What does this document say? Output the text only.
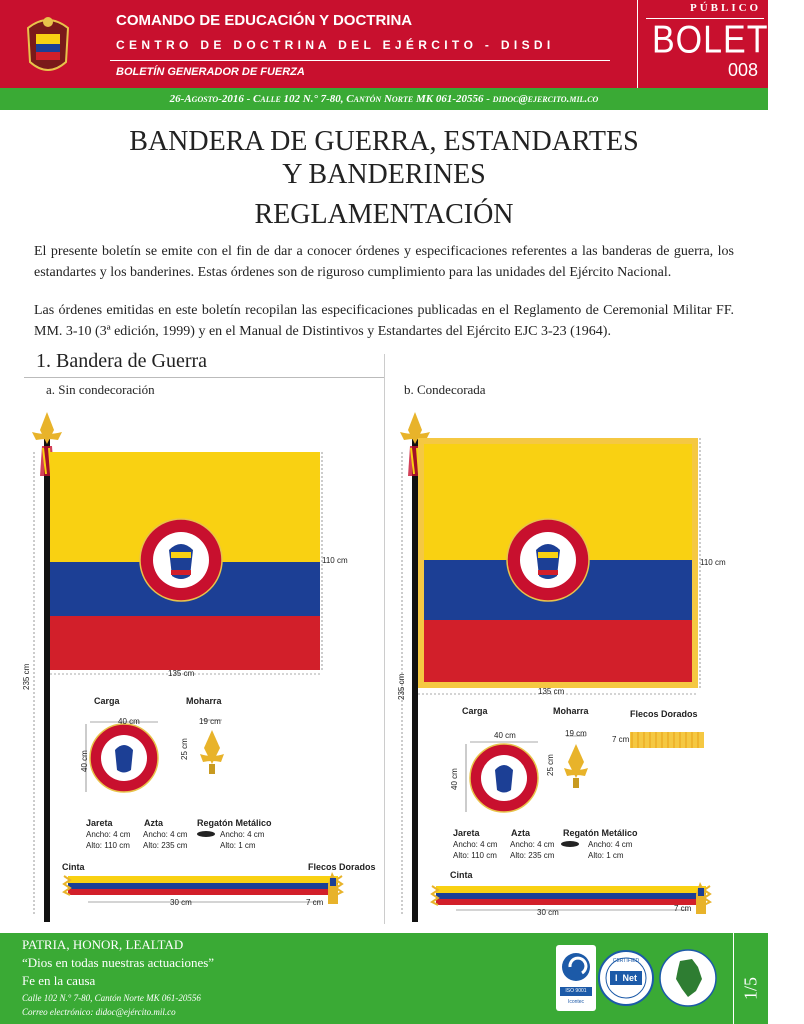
COMANDO DE EDUCACIÓN Y DOCTRINA
C E N T R O   D E   D O C T R I N A   D E L   E J É R C I T O   -   D I S D I
BOLETÍN GENERADOR DE FUERZA
PÚBLICO
BOLETÍN
008
26-Agosto-2016 - Calle 102 N.° 7-80, Cantón Norte MK 061-20556 - didoc@ejercito.mil.co
BANDERA DE GUERRA, ESTANDARTES
Y BANDERINES
REGLAMENTACIÓN
El presente boletín se emite con el fin de dar a conocer órdenes y especificaciones referentes a las banderas de guerra, los estandartes y los banderines. Estas órdenes son de riguroso cumplimiento para las unidades del Ejército Nacional.
Las órdenes emitidas en este boletín recopilan las especificaciones publicadas en el Reglamento de Ceremonial Militar FF. MM. 3-10 (3ª edición, 1999) y en el Manual de Distintivos y Estandartes del Ejército EJC 3-23 (1964).
1. Bandera de Guerra
a. Sin condecoración	b. Condecorada
110 cm
135 cm
235 cm
Carga	Moharra
40 cm
40 cm
19 cm
25 cm
Jareta
Ancho: 4 cm
Alto: 110 cm
Azta
Ancho: 4 cm
Alto: 235 cm
Regatón Metálico
Ancho: 4 cm
Alto: 1 cm
Cinta	Flecos Dorados
30 cm	7 cm
110 cm
135 cm
235 cm
Carga	Moharra	Flecos Dorados
40 cm
40 cm
19 cm
25 cm
7 cm
Jareta
Ancho: 4 cm
Alto: 110 cm
Azta
Ancho: 4 cm
Alto: 235 cm
Regatón Metálico
Ancho: 4 cm
Alto: 1 cm
Cinta
30 cm	7 cm
PATRIA, HONOR, LEALTAD
“Dios en todas nuestras actuaciones”
Fe en la causa
Calle 102 N.° 7-80, Cantón Norte MK 061-20556
Correo electrónico: didoc@ejército.mil.co
ISO 9001
Icontec
CERTIFIED
I  Net	1/5
